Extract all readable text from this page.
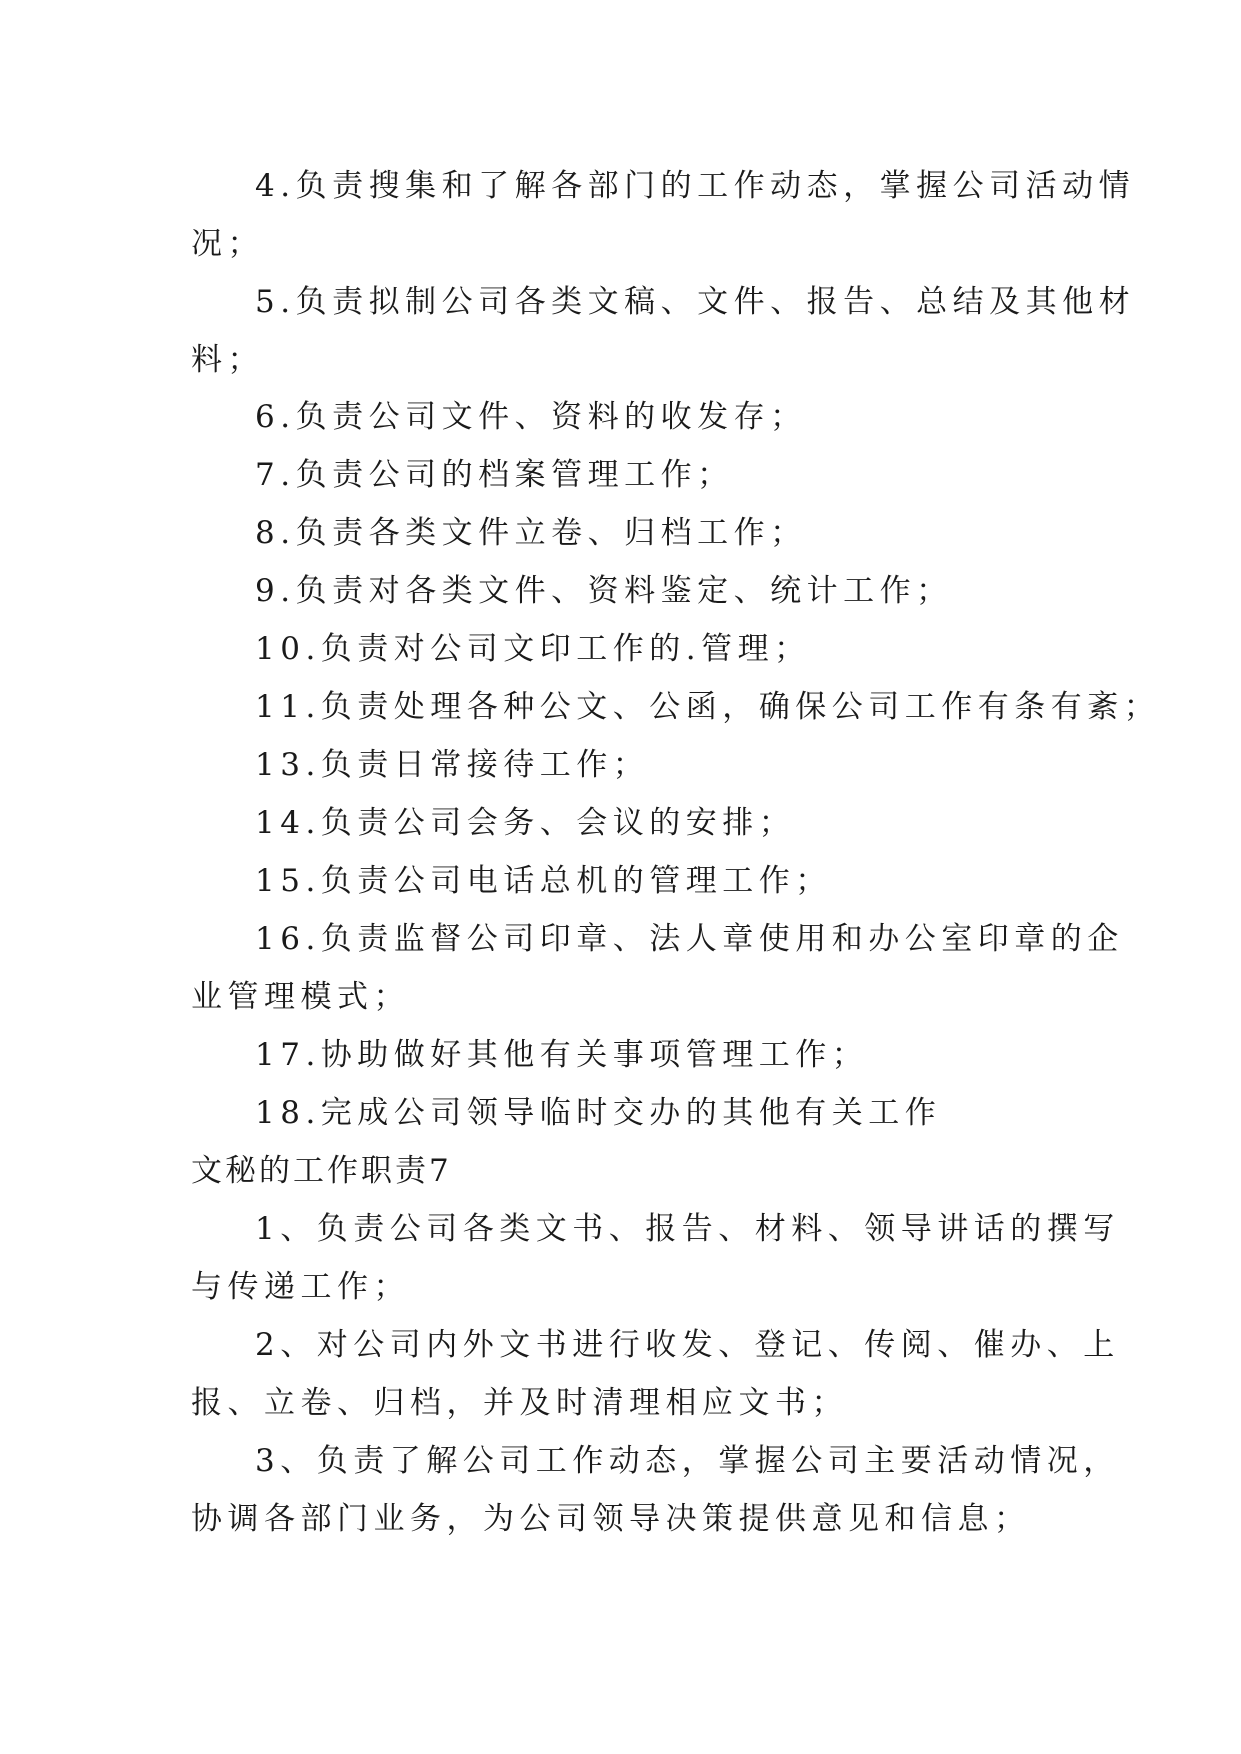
4.负责搜集和了解各部门的工作动态，掌握公司活动情
况；
5.负责拟制公司各类文稿、文件、报告、总结及其他材
料；
6.负责公司文件、资料的收发存；
7.负责公司的档案管理工作；
8.负责各类文件立卷、归档工作；
9.负责对各类文件、资料鉴定、统计工作；
10.负责对公司文印工作的.管理；
11.负责处理各种公文、公函，确保公司工作有条有紊；
13.负责日常接待工作；
14.负责公司会务、会议的安排；
15.负责公司电话总机的管理工作；
16.负责监督公司印章、法人章使用和办公室印章的企
业管理模式；
17.协助做好其他有关事项管理工作；
18.完成公司领导临时交办的其他有关工作
文秘的工作职责7
1、负责公司各类文书、报告、材料、领导讲话的撰写
与传递工作；
2、对公司内外文书进行收发、登记、传阅、催办、上
报、立卷、归档，并及时清理相应文书；
3、负责了解公司工作动态，掌握公司主要活动情况，
协调各部门业务，为公司领导决策提供意见和信息；
